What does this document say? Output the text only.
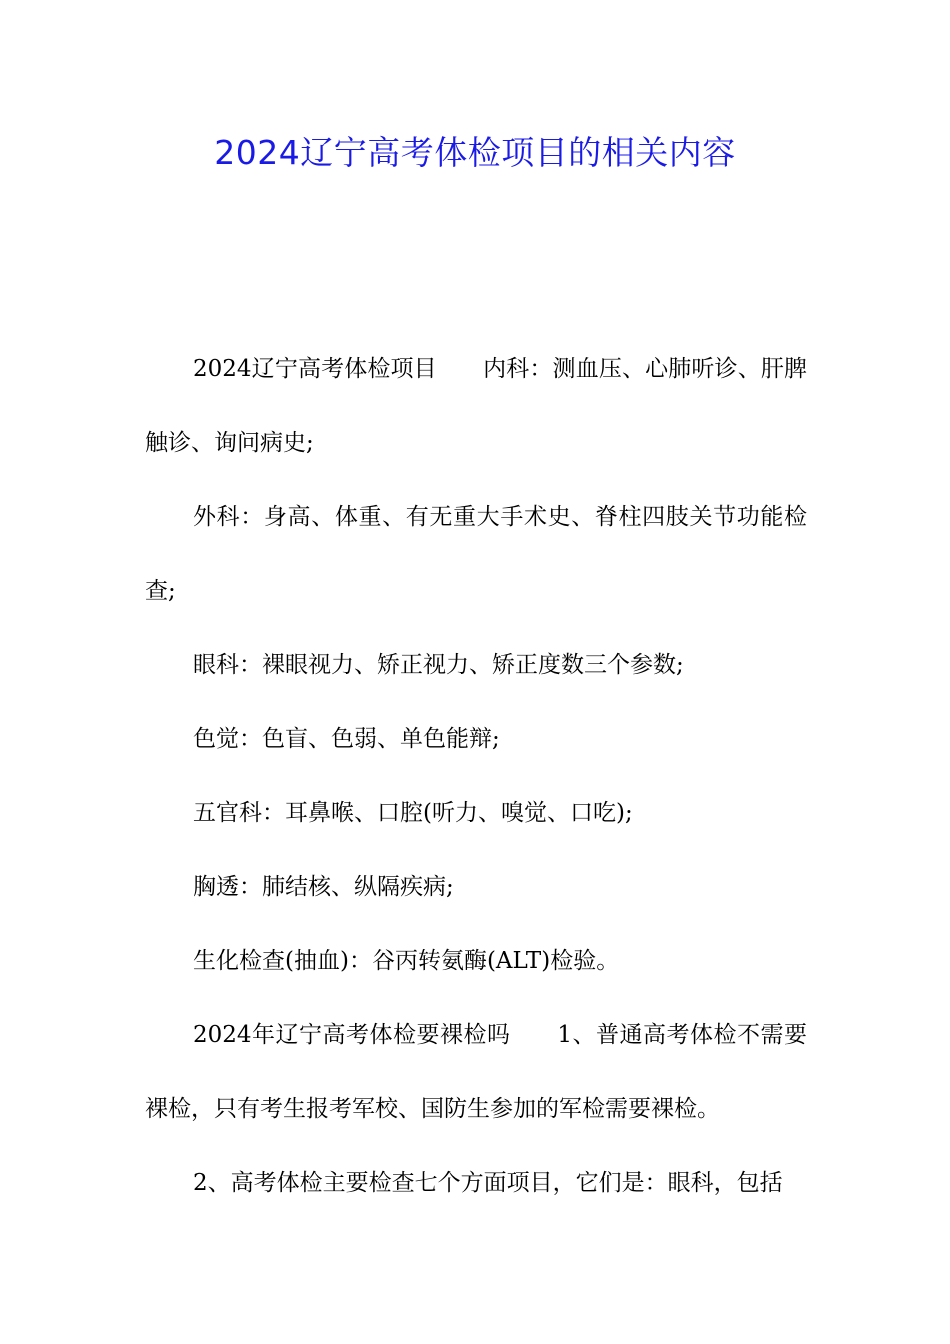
2024辽宁高考体检项目的相关内容

2024辽宁高考体检项目　　内科：测血压、心肺听诊、肝脾触诊、询问病史;

外科：身高、体重、有无重大手术史、脊柱四肢关节功能检查;

眼科：裸眼视力、矫正视力、矫正度数三个参数;

色觉：色盲、色弱、单色能辩;

五官科：耳鼻喉、口腔(听力、嗅觉、口吃);

胸透：肺结核、纵隔疾病;

生化检查(抽血)：谷丙转氨酶(ALT)检验。

2024年辽宁高考体检要裸检吗　　1、普通高考体检不需要裸检，只有考生报考军校、国防生参加的军检需要裸检。

2、高考体检主要检查七个方面项目，它们是：眼科，包括
